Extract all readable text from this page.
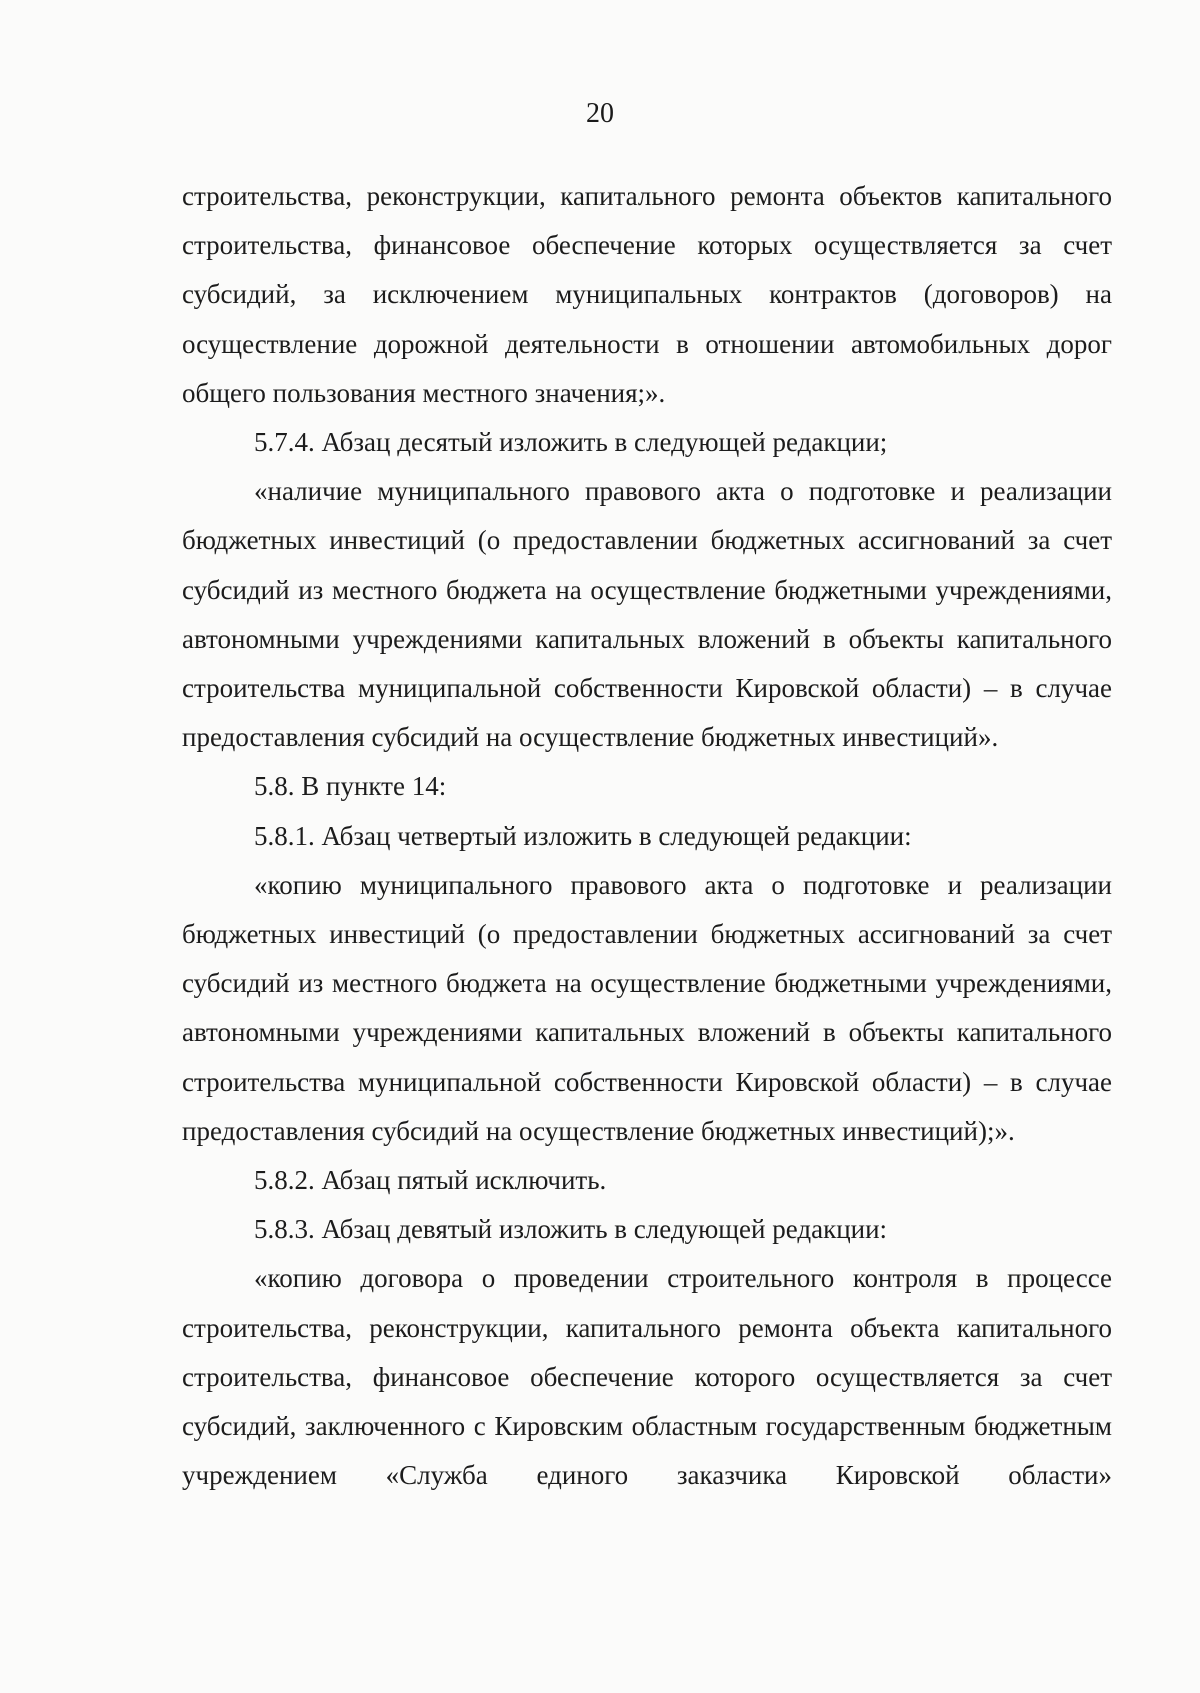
20

строительства, реконструкции, капитального ремонта объектов капитального строительства, финансовое обеспечение которых осуществляется за счет субсидий, за исключением муниципальных контрактов (договоров) на осуществление дорожной деятельности в отношении автомобильных дорог общего пользования местного значения;».

5.7.4. Абзац десятый изложить в следующей редакции;

«наличие муниципального правового акта о подготовке и реализации бюджетных инвестиций (о предоставлении бюджетных ассигнований за счет субсидий из местного бюджета на осуществление бюджетными учреждениями, автономными учреждениями капитальных вложений в объекты капитального строительства муниципальной собственности Кировской области) – в случае предоставления субсидий на осуществление бюджетных инвестиций».

5.8. В пункте 14:

5.8.1. Абзац четвертый изложить в следующей редакции:

«копию муниципального правового акта о подготовке и реализации бюджетных инвестиций (о предоставлении бюджетных ассигнований за счет субсидий из местного бюджета на осуществление бюджетными учреждениями, автономными учреждениями капитальных вложений в объекты капитального строительства муниципальной собственности Кировской области) – в случае предоставления субсидий на осуществление бюджетных инвестиций);».

5.8.2. Абзац пятый исключить.

5.8.3. Абзац девятый изложить в следующей редакции:

«копию договора о проведении строительного контроля в процессе строительства, реконструкции, капитального ремонта объекта капитального строительства, финансовое обеспечение которого осуществляется за счет субсидий, заключенного с Кировским областным государственным бюджетным учреждением «Служба единого заказчика Кировской области»
